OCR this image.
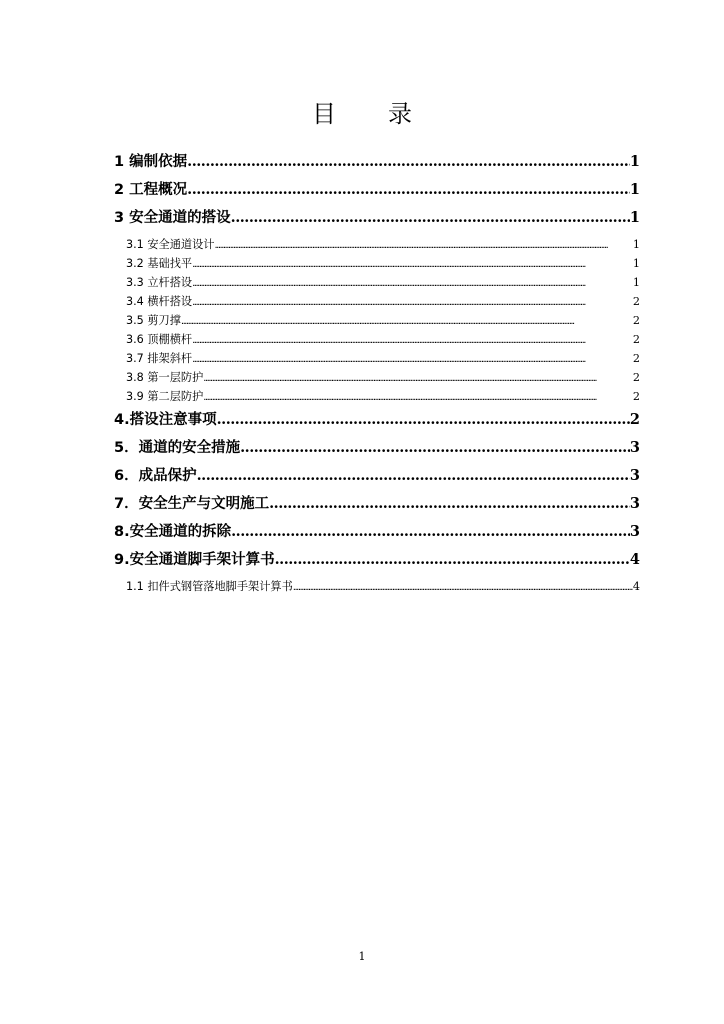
目录
1 编制依据 .....	1
2 工程概况 .....	1
3 安全通道的搭设 .....	1
3.1 安全通道设计 .....	1
3.2 基础找平 .....	1
3.3 立杆搭设 .....	1
3.4 横杆搭设 .....	2
3.5 剪刀撑 .....	2
3.6 顶棚横杆 .....	2
3.7 排架斜杆 .....	2
3.8 第一层防护 .....	2
3.9 第二层防护 .....	2
4.搭设注意事项 .....	2
5．通道的安全措施 .....	3
6．成品保护 .....	3
7．安全生产与文明施工 .....	3
8.安全通道的拆除 .....	3
9.安全通道脚手架计算书 .....	4
1.1 扣件式钢管落地脚手架计算书 .....	4
1
